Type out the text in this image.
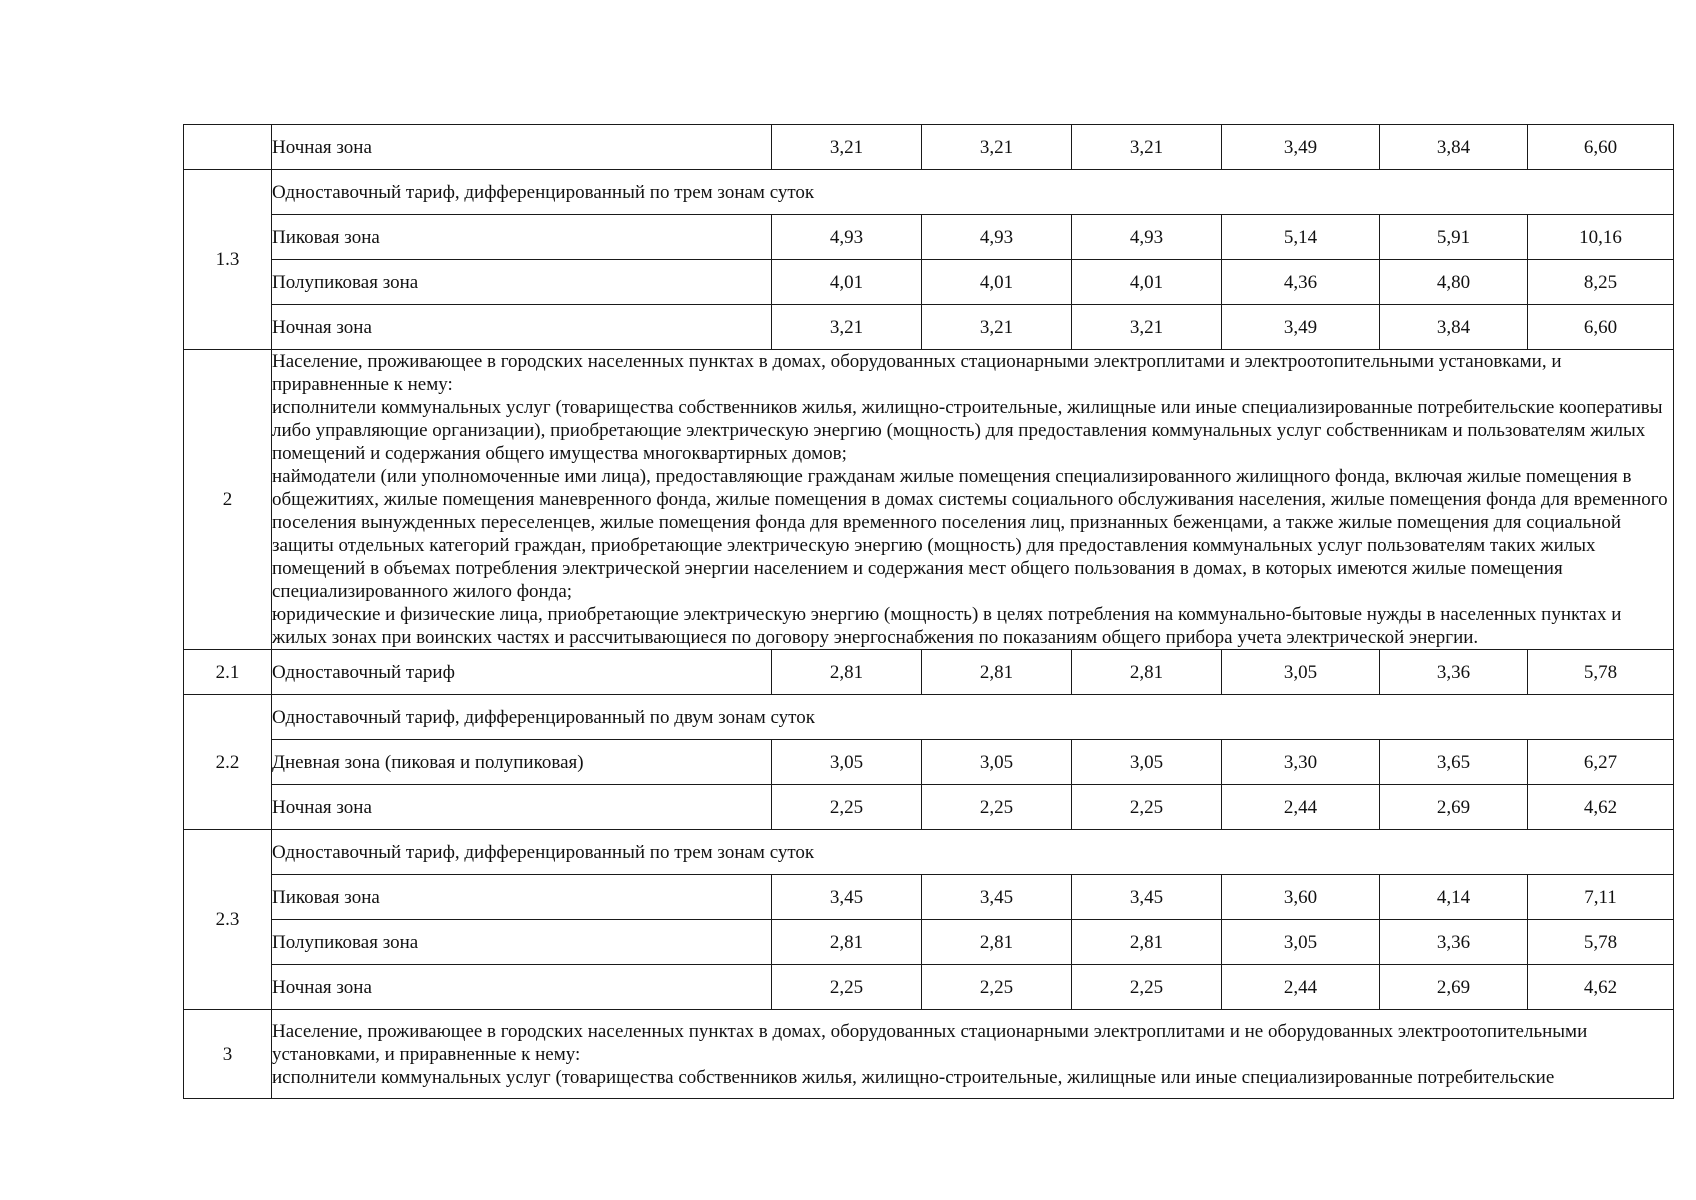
	Ночная зона	3,21	3,21	3,21	3,49	3,84	6,60
1.3	Одноставочный тариф, дифференцированный по трем зонам суток						
	Пиковая зона	4,93	4,93	4,93	5,14	5,91	10,16
	Полупиковая зона	4,01	4,01	4,01	4,36	4,80	8,25
	Ночная зона	3,21	3,21	3,21	3,49	3,84	6,60
2	Население, проживающее в городских населенных пунктах в домах, оборудованных стационарными электроплитами и электроотопительными установками, и приравненные к нему:

исполнители коммунальных услуг (товарищества собственников жилья, жилищно-строительные, жилищные или иные специализированные потребительские кооперативы либо управляющие организации), приобретающие электрическую энергию (мощность) для предоставления коммунальных услуг собственникам и пользователям жилых помещений и содержания общего имущества многоквартирных домов;

наймодатели (или уполномоченные ими лица), предоставляющие гражданам жилые помещения специализированного жилищного фонда, включая жилые помещения в общежитиях, жилые помещения маневренного фонда, жилые помещения в домах системы социального обслуживания населения, жилые помещения фонда для временного поселения вынужденных переселенцев, жилые помещения фонда для временного поселения лиц, признанных беженцами, а также жилые помещения для социальной защиты отдельных категорий граждан, приобретающие электрическую энергию (мощность) для предоставления коммунальных услуг пользователям таких жилых помещений в объемах потребления электрической энергии населением и содержания мест общего пользования в домах, в которых имеются жилые помещения специализированного жилого фонда;

юридические и физические лица, приобретающие электрическую энергию (мощность) в целях потребления на коммунально-бытовые нужды в населенных пунктах и жилых зонах при воинских частях и рассчитывающиеся по договору энергоснабжения по показаниям общего прибора учета электрической энергии.						

2.1	Одноставочный тариф	2,81	2,81	2,81	3,05	3,36	5,78
2.2	Одноставочный тариф, дифференцированный по двум зонам суток						
	Дневная зона (пиковая и полупиковая)	3,05	3,05	3,05	3,30	3,65	6,27
	Ночная зона	2,25	2,25	2,25	2,44	2,69	4,62
2.3	Одноставочный тариф, дифференцированный по трем зонам суток						
	Пиковая зона	3,45	3,45	3,45	3,60	4,14	7,11
	Полупиковая зона	2,81	2,81	2,81	3,05	3,36	5,78
	Ночная зона	2,25	2,25	2,25	2,44	2,69	4,62
3	Население, проживающее в городских населенных пунктах в домах, оборудованных стационарными электроплитами и не оборудованных электроотопительными установками, и приравненные к нему:

исполнители коммунальных услуг (товарищества собственников жилья, жилищно-строительные, жилищные или иные специализированные потребительские						
